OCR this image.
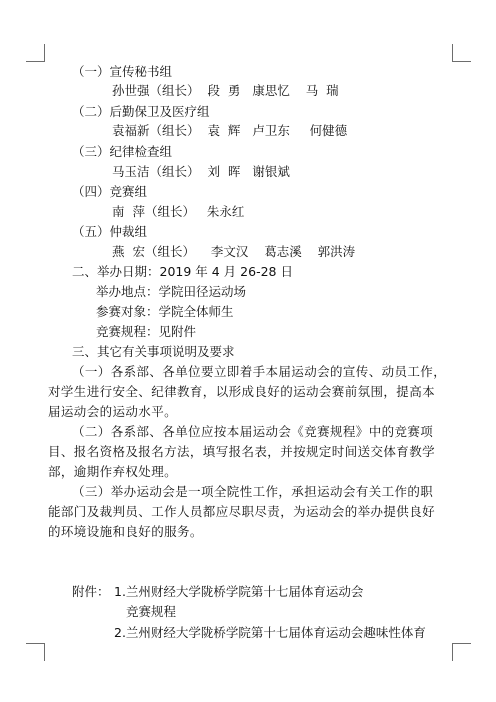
（一）宣传秘书组
孙世强（组长）  段  勇   康思忆    马  瑞
（二）后勤保卫及医疗组
袁福新（组长）  袁  辉   卢卫东     何健德
（三）纪律检查组
马玉洁（组长）  刘  晖   谢银斌
（四）竞赛组
南  萍（组长）   朱永红
（五）仲裁组
燕  宏（组长）    李文汉    葛志溪    郭洪涛
二、举办日期：2019 年 4 月 26-28 日
举办地点：学院田径运动场
参赛对象：学院全体师生
竞赛规程：见附件
三、其它有关事项说明及要求
（一）各系部、各单位要立即着手本届运动会的宣传、动员工作，
对学生进行安全、纪律教育，以形成良好的运动会赛前氛围，提高本
届运动会的运动水平。
（二）各系部、各单位应按本届运动会《竞赛规程》中的竞赛项
目、报名资格及报名方法，填写报名表，并按规定时间送交体育教学
部，逾期作弃权处理。
（三）举办运动会是一项全院性工作，承担运动会有关工作的职
能部门及裁判员、工作人员都应尽职尽责，为运动会的举办提供良好
的环境设施和良好的服务。
附件： 1.兰州财经大学陇桥学院第十七届体育运动会
竞赛规程
2.兰州财经大学陇桥学院第十七届体育运动会趣味性体育
